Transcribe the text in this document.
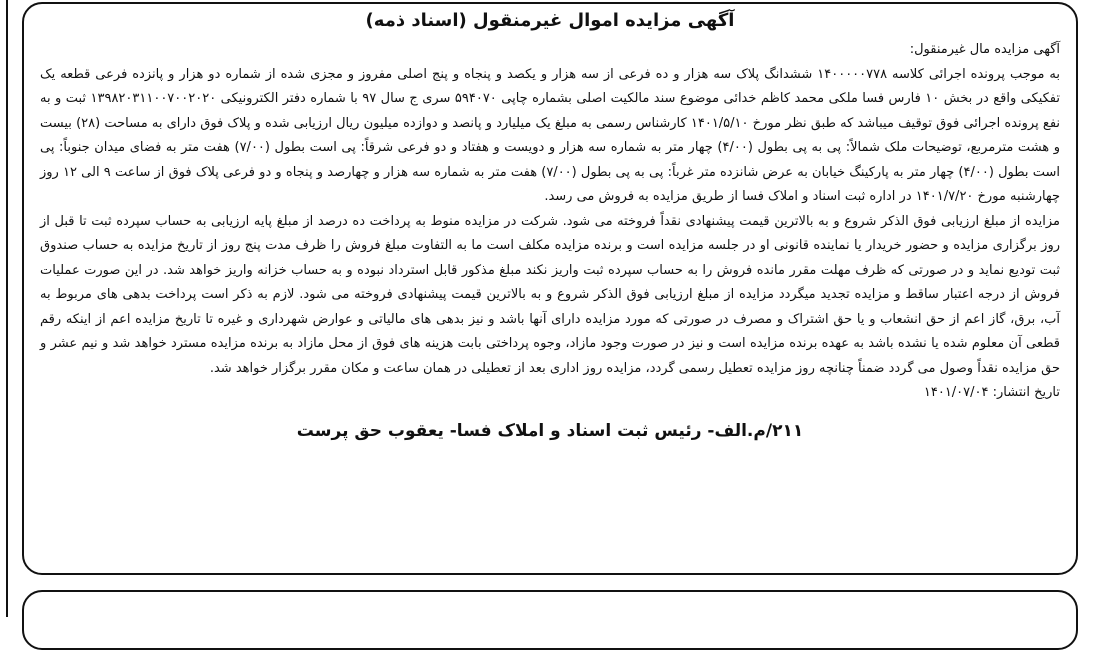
آگهی مزایده اموال غیرمنقول (اسناد ذمه)

آگهی مزایده مال غیرمنقول:

به موجب پرونده اجرائی کلاسه ۱۴۰۰۰۰۰۷۷۸ ششدانگ پلاک سه هزار و ده فرعی از سه هزار و یکصد و پنجاه و پنج اصلی مفروز و مجزی شده از شماره دو هزار و پانزده فرعی قطعه یک تفکیکی واقع در بخش ۱۰ فارس فسا ملکی محمد کاظم خدائی موضوع سند مالکیت اصلی بشماره چاپی ۵۹۴۰۷۰ سری ج سال ۹۷ با شماره دفتر الکترونیکی ۱۳۹۸۲۰۳۱۱۰۰۷۰۰۲۰۲۰ ثبت و به نفع پرونده اجرائی فوق توقیف میباشد که طبق نظر مورخ ۱۴۰۱/۵/۱۰ کارشناس رسمی به مبلغ یک میلیارد و پانصد و دوازده میلیون ریال ارزیابی شده و پلاک فوق دارای به مساحت (۲۸) بیست و هشت مترمربع، توضیحات ملک شمالاً: پی به پی بطول (۴/۰۰) چهار متر به شماره سه هزار و دویست و هفتاد و دو فرعی شرقاً: پی است بطول (۷/۰۰) هفت متر به فضای میدان جنوباً: پی است بطول (۴/۰۰) چهار متر به پارکینگ خیابان به عرض شانزده متر غرباً: پی به پی بطول (۷/۰۰) هفت متر به شماره سه هزار و چهارصد و پنجاه و دو فرعی پلاک فوق از ساعت ۹ الی ۱۲ روز چهارشنبه مورخ ۱۴۰۱/۷/۲۰ در اداره ثبت اسناد و املاک فسا از طریق مزایده به فروش می رسد.

مزایده از مبلغ ارزیابی فوق الذکر شروع و به بالاترین قیمت پیشنهادی نقداً فروخته می شود. شرکت در مزایده منوط به پرداخت ده درصد از مبلغ پایه ارزیابی به حساب سپرده ثبت تا قبل از روز برگزاری مزایده و حضور خریدار یا نماینده قانونی او در جلسه مزایده است و برنده مزایده مکلف است ما به التفاوت مبلغ فروش را ظرف مدت پنج روز از تاریخ مزایده به حساب صندوق ثبت تودیع نماید و در صورتی که ظرف مهلت مقرر مانده فروش را به حساب سپرده ثبت واریز نکند مبلغ مذکور قابل استرداد نبوده و به حساب خزانه واریز خواهد شد. در این صورت عملیات فروش از درجه اعتبار ساقط و مزایده تجدید میگردد مزایده از مبلغ ارزیابی فوق الذکر شروع و به بالاترین قیمت پیشنهادی فروخته می شود. لازم به ذکر است پرداخت بدهی های مربوط به آب، برق، گاز اعم از حق انشعاب و یا حق اشتراک و مصرف در صورتی که مورد مزایده دارای آنها باشد و نیز بدهی های مالیاتی و عوارض شهرداری و غیره تا تاریخ مزایده اعم از اینکه رقم قطعی آن معلوم شده یا نشده باشد به عهده برنده مزایده است و نیز در صورت وجود مازاد، وجوه پرداختی بابت هزینه های فوق از محل مازاد به برنده مزایده مسترد خواهد شد و نیم عشر و حق مزایده نقداً وصول می گردد ضمناً چنانچه روز مزایده تعطیل رسمی گردد، مزایده روز اداری بعد از تعطیلی در همان ساعت و مکان مقرر برگزار خواهد شد.

تاریخ انتشار: ۱۴۰۱/۰۷/۰۴

۲۱۱/م.الف- رئیس ثبت اسناد و املاک فسا- یعقوب حق پرست
